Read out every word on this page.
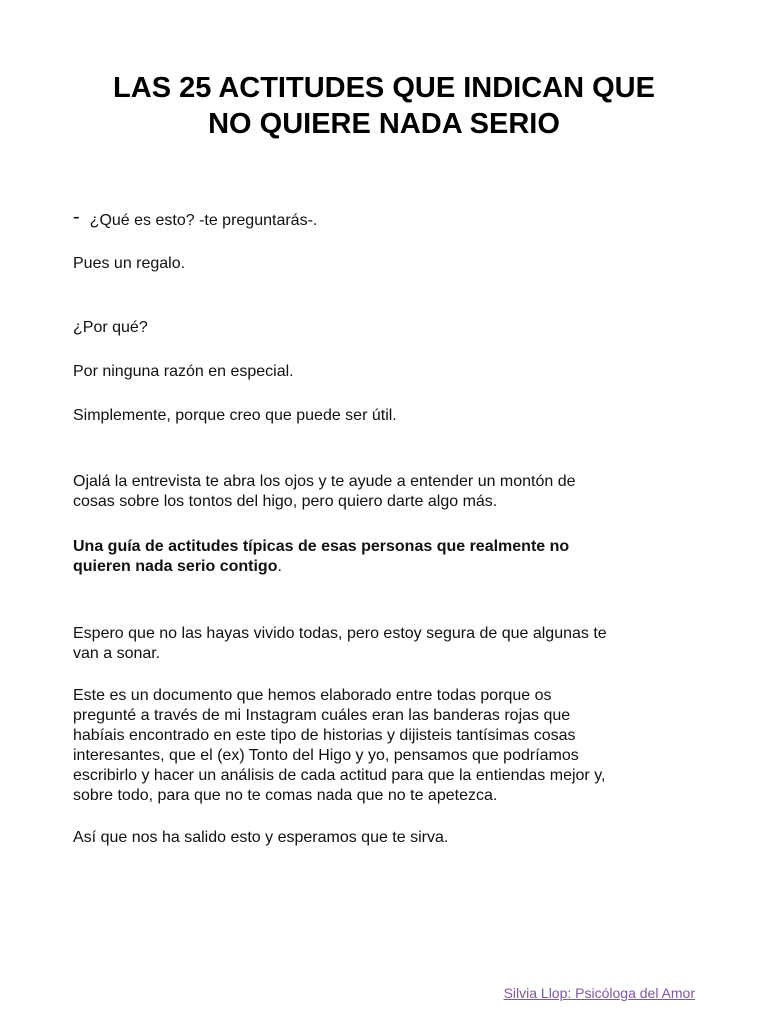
LAS 25 ACTITUDES QUE INDICAN QUE
NO QUIERE NADA SERIO
- ¿Qué es esto? -te preguntarás-.

Pues un regalo.

¿Por qué?

Por ninguna razón en especial.

Simplemente, porque creo que puede ser útil.

Ojalá la entrevista te abra los ojos y te ayude a entender un montón de
cosas sobre los tontos del higo, pero quiero darte algo más.

Una guía de actitudes típicas de esas personas que realmente no
quieren nada serio contigo.

Espero que no las hayas vivido todas, pero estoy segura de que algunas te
van a sonar.

Este es un documento que hemos elaborado entre todas porque os
pregunté a través de mi Instagram cuáles eran las banderas rojas que
habíais encontrado en este tipo de historias y dijisteis tantísimas cosas
interesantes, que el (ex) Tonto del Higo y yo, pensamos que podríamos
escribirlo y hacer un análisis de cada actitud para que la entiendas mejor y,
sobre todo, para que no te comas nada que no te apetezca.

Así que nos ha salido esto y esperamos que te sirva.

Silvia Llop: Psicóloga del Amor
